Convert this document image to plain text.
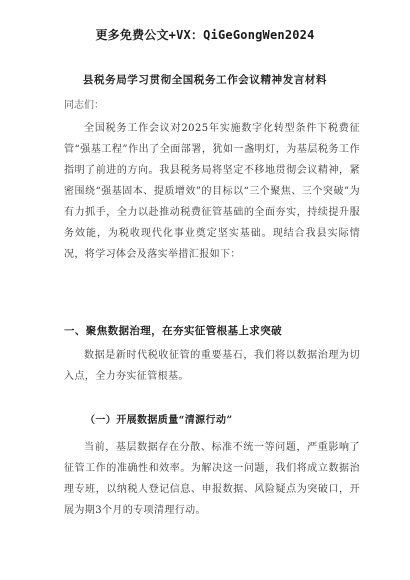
更多免费公文+VX：QiGeGongWen2024
县税务局学习贯彻全国税务工作会议精神发言材料
同志们：
全国税务工作会议对2025年实施数字化转型条件下税费征管“强基工程”作出了全面部署，犹如一盏明灯，为基层税务工作指明了前进的方向。我县税务局将坚定不移地贯彻会议精神，紧密围绕“强基固本、提质增效”的目标以“三个聚焦、三个突破”为有力抓手，全力以赴推动税费征管基础的全面夯实，持续提升服务效能，为税收现代化事业奠定坚实基础。现结合我县实际情况，将学习体会及落实举措汇报如下：
一、聚焦数据治理，在夯实征管根基上求突破
数据是新时代税收征管的重要基石，我们将以数据治理为切入点，全力夯实征管根基。
（一）开展数据质量“清源行动”
当前，基层数据存在分散、标准不统一等问题，严重影响了征管工作的准确性和效率。为解决这一问题，我们将成立数据治理专班，以纳税人登记信息、申报数据、风险疑点为突破口，开展为期3个月的专项清理行动。
